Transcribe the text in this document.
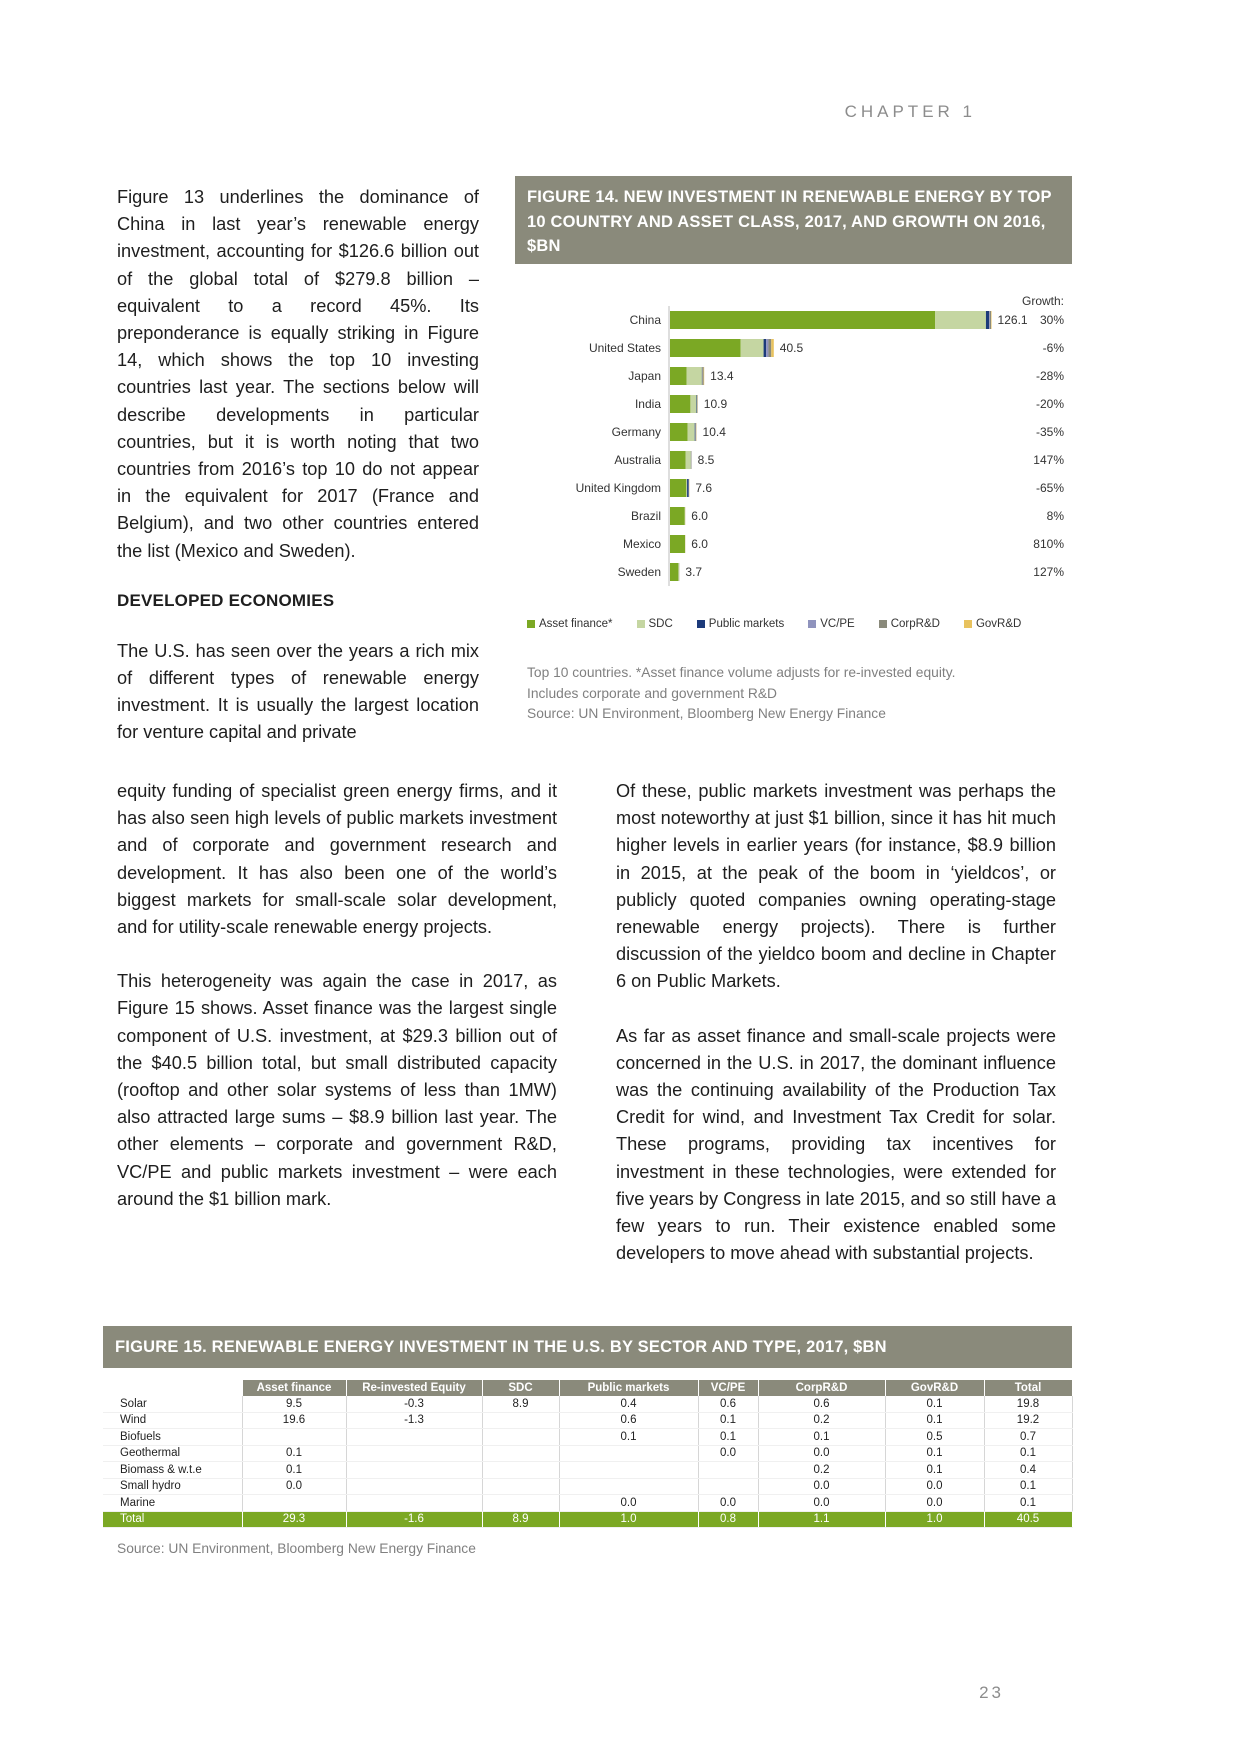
CHAPTER 1
23

Figure 13 underlines the dominance of China in last year’s renewable energy investment, accounting for $126.6 billion out of the global total of $279.8 billion – equivalent to a record 45%. Its preponderance is equally striking in Figure 14, which shows the top 10 investing countries last year. The sections below will describe developments in particular countries, but it is worth noting that two countries from 2016’s top 10 do not appear in the equivalent for 2017 (France and Belgium), and two other countries entered the list (Mexico and Sweden).

DEVELOPED ECONOMIES

The U.S. has seen over the years a rich mix of different types of renewable energy investment. It is usually the largest location for venture capital and private

FIGURE 14. NEW INVESTMENT IN RENEWABLE ENERGY BY TOP 10 COUNTRY AND ASSET CLASS, 2017, AND GROWTH ON 2016, $BN
Growth:
China	126.1 30%
United States	40.5	-6%
Japan	13.4	-28%
India	10.9	-20%
Germany	10.4	-35%
Australia	8.5	147%
United Kingdom	7.6	-65%
Brazil	6.0	8%
Mexico	6.0	810%
Sweden 3.7	127%
Asset finance*	SDC	Public markets	VC/PE	CorpR&D	GovR&D
Top 10 countries. *Asset finance volume adjusts for re-invested equity.
Includes corporate and government R&D
Source: UN Environment, Bloomberg New Energy Finance

equity funding of specialist green energy firms, and it has also seen high levels of public markets investment and of corporate and government research and development. It has also been one of the world’s biggest markets for small-scale solar development, and for utility-scale renewable energy projects.

This heterogeneity was again the case in 2017, as Figure 15 shows. Asset finance was the largest single component of U.S. investment, at $29.3 billion out of the $40.5 billion total, but small distributed capacity (rooftop and other solar systems of less than 1MW) also attracted large sums – $8.9 billion last year. The other elements – corporate and government R&D, VC/PE and public markets investment – were each around the $1 billion mark.

Of these, public markets investment was perhaps the most noteworthy at just $1 billion, since it has hit much higher levels in earlier years (for instance, $8.9 billion in 2015, at the peak of the boom in ‘yieldcos’, or publicly quoted companies owning operating-stage renewable energy projects). There is further discussion of the yieldco boom and decline in Chapter 6 on Public Markets.

As far as asset finance and small-scale projects were concerned in the U.S. in 2017, the dominant influence was the continuing availability of the Production Tax Credit for wind, and Investment Tax Credit for solar. These programs, providing tax incentives for investment in these technologies, were extended for five years by Congress in late 2015, and so still have a few years to run. Their existence enabled some developers to move ahead with substantial projects.

FIGURE 15. RENEWABLE ENERGY INVESTMENT IN THE U.S. BY SECTOR AND TYPE, 2017, $BN
	Asset finance	Re-invested Equity	SDC	Public markets	VC/PE	CorpR&D	GovR&D	Total
Solar	9.5	-0.3	8.9	0.4	0.6	0.6	0.1	19.8
Wind	19.6	-1.3		0.6	0.1	0.2	0.1	19.2
Biofuels				0.1	0.1	0.1	0.5	0.7
Geothermal	0.1				0.0	0.0	0.1	0.1
Biomass & w.t.e	0.1					0.2	0.1	0.4
Small hydro	0.0					0.0	0.0	0.1
Marine				0.0	0.0	0.0	0.0	0.1
Total	29.3	-1.6	8.9	1.0	0.8	1.1	1.0	40.5
Source: UN Environment, Bloomberg New Energy Finance
